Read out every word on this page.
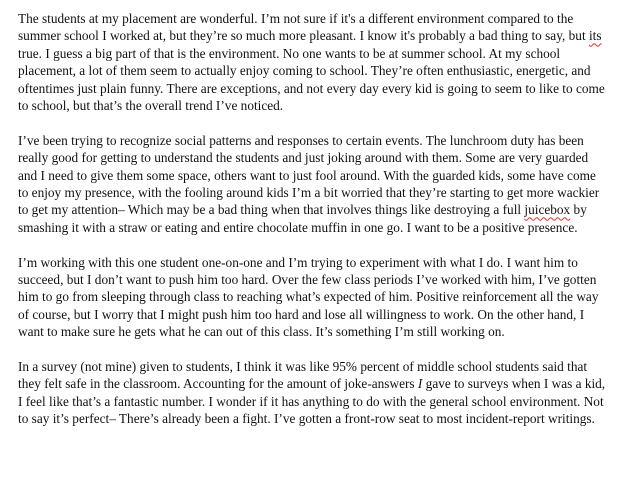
The students at my placement are wonderful. I’m not sure if it's a different environment compared to the summer school I worked at, but they’re so much more pleasant. I know it's probably a bad thing to say, but its true. I guess a big part of that is the environment. No one wants to be at summer school. At my school placement, a lot of them seem to actually enjoy coming to school. They’re often enthusiastic, energetic, and oftentimes just plain funny. There are exceptions, and not every day every kid is going to seem to like to come to school, but that’s the overall trend I’ve noticed.

I’ve been trying to recognize social patterns and responses to certain events. The lunchroom duty has been really good for getting to understand the students and just joking around with them. Some are very guarded and I need to give them some space, others want to just fool around. With the guarded kids, some have come to enjoy my presence, with the fooling around kids I’m a bit worried that they’re starting to get more wackier to get my attention– Which may be a bad thing when that involves things like destroying a full juicebox by smashing it with a straw or eating and entire chocolate muffin in one go. I want to be a positive presence.

I’m working with this one student one-on-one and I’m trying to experiment with what I do. I want him to succeed, but I don’t want to push him too hard. Over the few class periods I’ve worked with him, I’ve gotten him to go from sleeping through class to reaching what’s expected of him. Positive reinforcement all the way of course, but I worry that I might push him too hard and lose all willingness to work. On the other hand, I want to make sure he gets what he can out of this class. It’s something I’m still working on.

In a survey (not mine) given to students, I think it was like 95% percent of middle school students said that they felt safe in the classroom. Accounting for the amount of joke-answers I gave to surveys when I was a kid, I feel like that’s a fantastic number. I wonder if it has anything to do with the general school environment. Not to say it’s perfect– There’s already been a fight. I’ve gotten a front-row seat to most incident-report writings.
